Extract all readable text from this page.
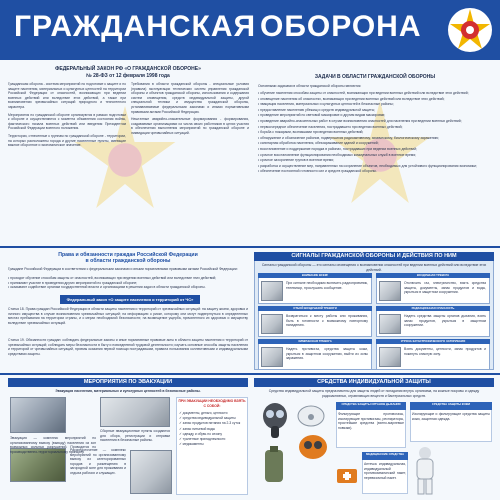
ГРАЖДАНСКАЯ ОБОРОНА
ФЕДЕРАЛЬНЫЙ ЗАКОН РФ «О ГРАЖДАНСКОЙ ОБОРОНЕ»
№ 28-ФЗ от 12 февраля 1998 года
Гражданская оборона - система мероприятий по подготовке к защите и по защите населения, материальных и культурных ценностей на территории Российской Федерации от опасностей, возникающих при ведении военных действий или вследствие этих действий, а также при возникновении чрезвычайных ситуаций природного и техногенного характера.
Мероприятия по гражданской обороне организуются в рамках подготовки к обороне и осуществляются с момента объявления состояния войны, фактического начала военных действий или введения Президентом Российской Федерации военного положения.
Территории, отнесенные к группам по гражданской обороне - территории, на которых расположены города и другие населенные пункты, имеющие важное оборонное и экономическое значение.
Требования в области гражданской обороны - специальные условия (правила) эксплуатации технических систем управления гражданской обороны и объектов гражданской обороны, использования и содержания систем оповещения, средств индивидуальной защиты, другой специальной техники и имущества гражданской обороны, устанавливаемые федеральными законами и иными нормативными правовыми актами Российской Федерации.
Нештатные аварийно-спасательные формирования - формирования, создаваемые организациями из числа своих работников в целях участия в обеспечении выполнения мероприятий по гражданской обороне и ликвидации чрезвычайных ситуаций.
ЗАДАЧИ В ОБЛАСТИ ГРАЖДАНСКОЙ ОБОРОНЫ
Основными задачами в области гражданской обороны являются:
• обучение населения способам защиты от опасностей, возникающих при ведении военных действий или вследствие этих действий;
• оповещение населения об опасностях, возникающих при ведении военных действий или вследствие этих действий;
• эвакуация населения, материальных и культурных ценностей в безопасные районы;
• предоставление населению убежищ и средств индивидуальной защиты;
• проведение мероприятий по световой маскировке и другим видам маскировки;
• проведение аварийно-спасательных работ в случае возникновения опасностей для населения при ведении военных действий;
• первоочередное обеспечение населения, пострадавшего при ведении военных действий;
• борьба с пожарами, возникшими при ведении военных действий;
• обнаружение и обозначение районов, подвергшихся радиоактивному, химическому, биологическому заражению;
• санитарная обработка населения, обеззараживание зданий и сооружений;
• восстановление и поддержание порядка в районах, пострадавших при ведении военных действий;
• срочное восстановление функционирования необходимых коммунальных служб в военное время;
• срочное захоронение трупов в военное время;
• разработка и осуществление мер, направленных на сохранение объектов, необходимых для устойчивого функционирования экономики;
• обеспечение постоянной готовности сил и средств гражданской обороны.
Права и обязанности граждан Российской Федерации
в области гражданской обороны
Граждане Российской Федерации в соответствии с федеральными законами и иными нормативными правовыми актами Российской Федерации:
• проходят обучение способам защиты от опасностей, возникающих при ведении военных действий или вследствие этих действий;
• принимают участие в проведении других мероприятий по гражданской обороне;
• оказывают содействие органам государственной власти и организациям в решении задач в области гражданской обороны.
Федеральный закон «О защите населения и территорий от ЧС»
Статья 18. Права граждан Российской Федерации в области защиты населения и территорий от чрезвычайных ситуаций: на защиту жизни, здоровья и личного имущества в случае возникновения чрезвычайных ситуаций; на информацию о риске, которому они могут подвергнуться в определенных местах пребывания на территории страны, и о мерах необходимой безопасности; на возмещение ущерба, причиненного их здоровью и имуществу вследствие чрезвычайных ситуаций.
Статья 19. Обязанности граждан: соблюдать федеральные законы и иные нормативные правовые акты в области защиты населения и территорий от чрезвычайных ситуаций; соблюдать меры безопасности в быту и повседневной трудовой деятельности; изучать основные способы защиты населения и территорий от чрезвычайных ситуаций, приемы оказания первой помощи пострадавшим, правила пользования коллективными и индивидуальными средствами защиты.
СИГНАЛЫ ГРАЖДАНСКОЙ ОБОРОНЫ И ДЕЙСТВИЯ ПО НИМ
Сигналы гражданской обороны — это сигналы оповещения о возникновении опасностей при ведении военных действий или вследствие этих действий.
ВНИМАНИЕ ВСЕМ!
При сигнале необходимо включить радиоприемник, телевизор, прослушать сообщение.
ВОЗДУШНАЯ ТРЕВОГА
Отключить газ, электричество, взять средства защиты, документы, запас продуктов и воды, укрыться в защитном сооружении.
ОТБОЙ ВОЗДУШНОЙ ТРЕВОГИ
Возвратиться к месту работы или проживания, быть в готовности к возможному повторному нападению.
РАДИАЦИОННАЯ ОПАСНОСТЬ
Надеть средства защиты органов дыхания, взять запас продуктов, укрыться в защитном сооружении.
ХИМИЧЕСКАЯ ТРЕВОГА
Надеть противогаз, средства защиты кожи, укрыться в защитном сооружении, выйти из зоны заражения.
УГРОЗА КАТАСТРОФИЧЕСКОГО ЗАТОПЛЕНИЯ
Взять документы, ценности, запас продуктов и покинуть опасную зону.
МЕРОПРИЯТИЯ ПО ЭВАКУАЦИИ
Эвакуация населения, материальных и культурных ценностей в безопасные районы.
Эвакуация — комплекс мероприятий по организованному вывозу (выводу) населения из зон возможных сильных разрушений. Проводится по производственно-территориальному принципу.
Рассредоточение — комплекс мероприятий по организованному вывозу из категорированных городов и размещению в загородной зоне для проживания и отдыха рабочих и служащих.
Сборные эвакуационные пункты создаются для сбора, регистрации и отправки населения в безопасные районы.
ПРИ ЭВАКУАЦИИ НЕОБХОДИМО ВЗЯТЬ С СОБОЙ:
✓ документы, деньги, ценности
✓ средства индивидуальной защиты
✓ запас продуктов питания на 2-3 суток
✓ запас питьевой воды
✓ одежду и обувь по сезону
✓ туалетные принадлежности
✓ медикаменты
СРЕДСТВА ИНДИВИДУАЛЬНОЙ ЗАЩИТЫ
Средства индивидуальной защиты предназначены для защиты людей от попадания внутрь организма, на кожные покровы и одежду радиоактивных, отравляющих веществ и бактериальных средств.
СРЕДСТВА ЗАЩИТЫ ОРГАНОВ ДЫХАНИЯ
Фильтрующие противогазы, изолирующие противогазы, респираторы, простейшие средства (ватно-марлевые повязки).
СРЕДСТВА ЗАЩИТЫ КОЖИ
Изолирующие и фильтрующие средства защиты кожи, защитная одежда.
МЕДИЦИНСКИЕ СРЕДСТВА
Аптечка индивидуальная, индивидуальный противохимический пакет, перевязочный пакет.
